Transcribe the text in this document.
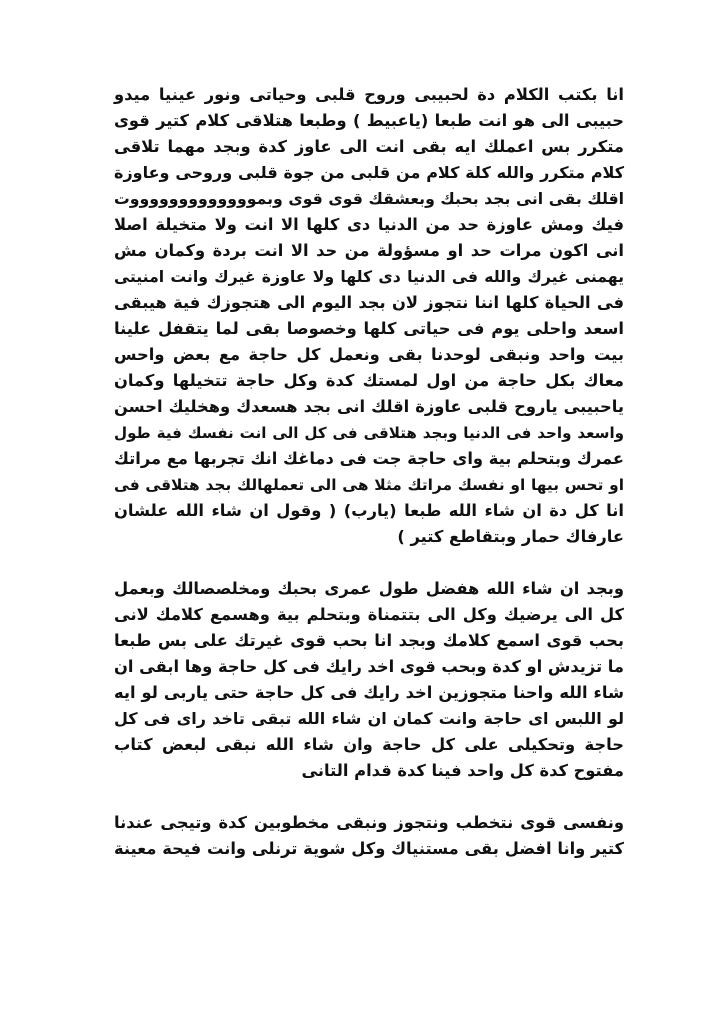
انا بكتب الكلام دة لحبيبى وروح قلبى وحياتى ونور عينيا ميدو
حبيبى الى هو انت طبعا (ياعبيط ) وطبعا هتلاقى كلام كتير قوى
متكرر بس اعملك ايه بقى انت الى عاوز كدة وبجد مهما تلاقى
كلام متكرر والله كلة كلام من قلبى من جوة قلبى وروحى وعاوزة
اقلك بقى انى بجد بحبك وبعشقك قوى قوى وبموووووووووووووت
فيك ومش عاوزة حد من الدنيا دى كلها الا انت ولا متخيلة اصلا
انى اكون مرات حد او مسؤولة من حد الا انت بردة وكمان مش
يهمنى غيرك والله فى الدنيا دى كلها ولا عاوزة غيرك وانت امنيتى
فى الحياة كلها اننا نتجوز لان بجد اليوم الى هتجوزك فية هيبقى
اسعد واحلى يوم فى حياتى كلها وخصوصا بقى لما يتقفل علينا
بيت واحد ونبقى لوحدنا بقى ونعمل كل حاجة مع بعض واحس
معاك بكل حاجة من اول لمستك كدة وكل حاجة تتخيلها وكمان
ياحبيبى ياروح قلبى عاوزة اقلك انى بجد هسعدك وهخليك احسن
واسعد واحد فى الدنيا وبجد هتلاقى فى كل الى انت نفسك فية طول
عمرك وبتحلم بية واى حاجة جت فى دماغك انك تجربها مع مراتك
او تحس بيها او نفسك مراتك مثلا هى الى تعملهالك بجد هتلاقى فى
انا كل دة ان شاء الله طبعا (يارب) ( وقول ان شاء الله علشان
عارفاك حمار وبتقاطع كتير )
وبجد ان شاء الله هفضل طول عمرى بحبك ومخلصصالك وبعمل
كل الى يرضيك وكل الى بتتمناة وبتحلم بية وهسمع كلامك لانى
بحب قوى اسمع كلامك وبجد انا بحب قوى غيرتك على بس طبعا
ما تزيدش او كدة وبحب قوى اخد رايك فى كل حاجة وها ابقى ان
شاء الله واحنا متجوزين اخد رايك فى كل حاجة حتى ياربى لو ايه
لو اللبس اى حاجة وانت كمان ان شاء الله تبقى تاخد راى فى كل
حاجة وتحكيلى على كل حاجة وان شاء الله نبقى لبعض كتاب
مفتوح كدة كل واحد فينا كدة قدام التانى
ونفسى قوى نتخطب ونتجوز ونبقى مخطوبين كدة وتيجى عندنا
كتير وانا افضل بقى مستنياك وكل شوية ترنلى وانت فيحة معينة
